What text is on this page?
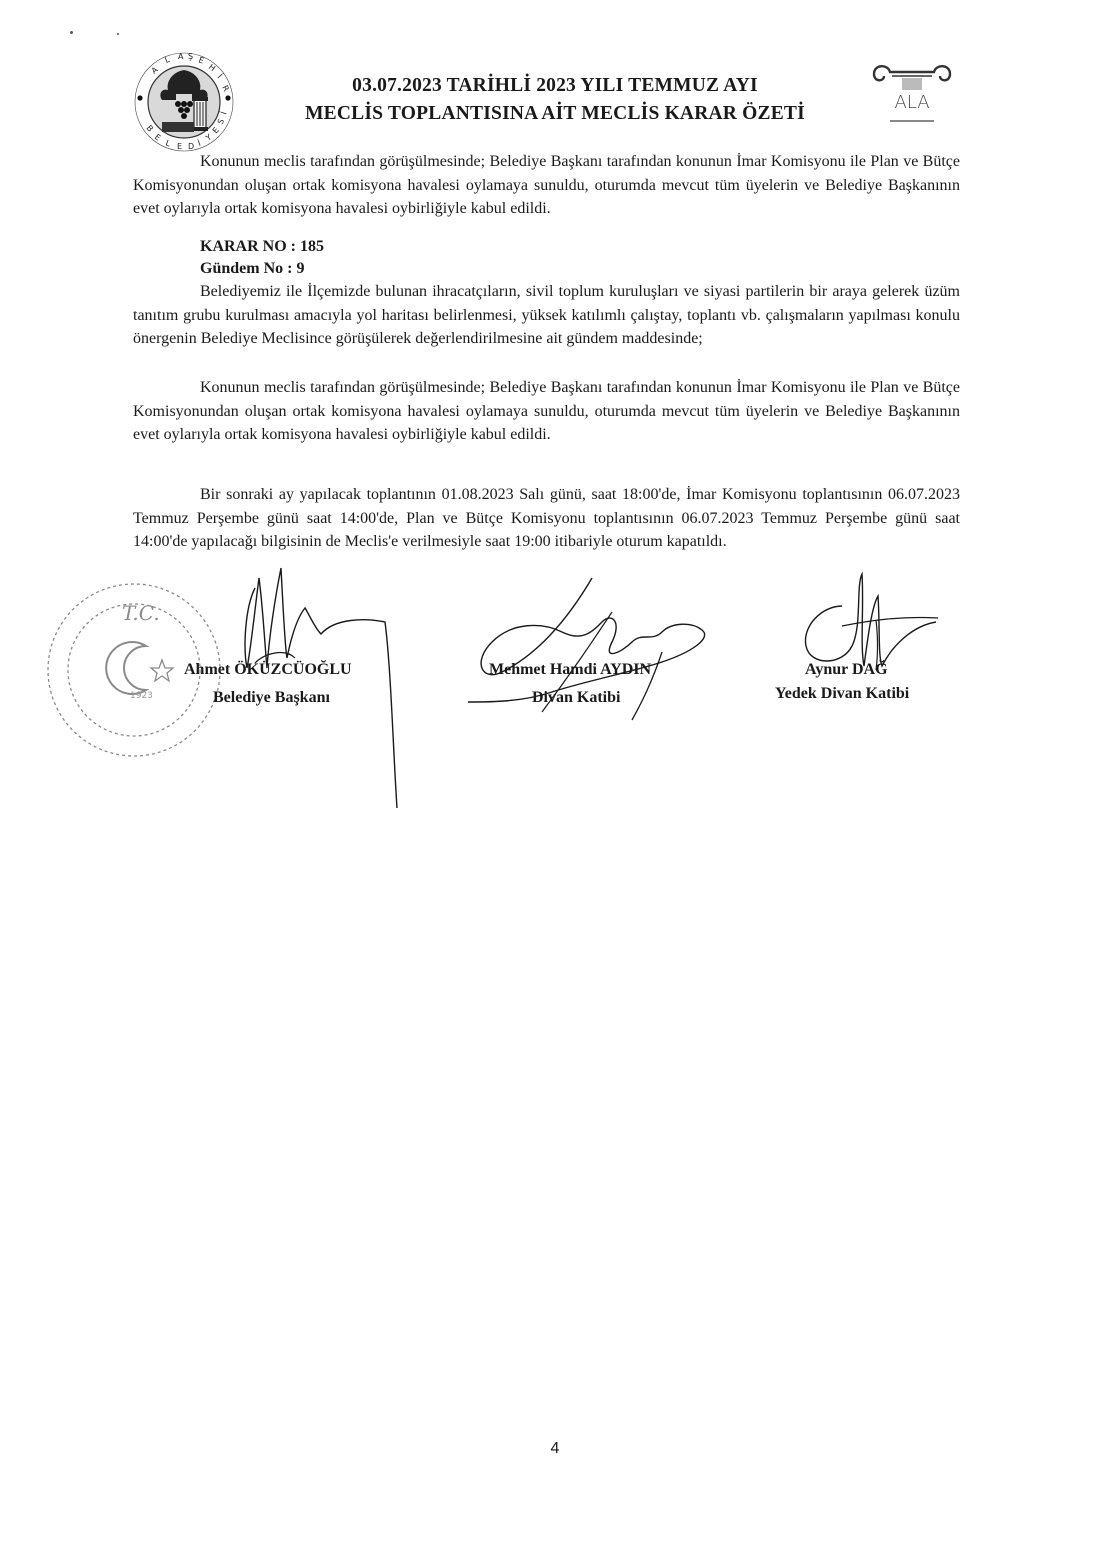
A
L A Ş E
H
İ
R
B
E
L E D İ
Y
E
S
İ
03.07.2023 TARİHLİ 2023 YILI TEMMUZ AYI
MECLİS TOPLANTISINA AİT MECLİS KARAR ÖZETİ
ALA

Konunun meclis tarafından görüşülmesinde; Belediye Başkanı tarafından konunun İmar Komisyonu ile Plan ve Bütçe Komisyonundan oluşan ortak komisyona havalesi oylamaya sunuldu, oturumda mevcut tüm üyelerin ve Belediye Başkanının evet oylarıyla ortak komisyona havalesi oybirliğiyle kabul edildi.

KARAR NO : 185
Gündem No : 9

Belediyemiz ile İlçemizde bulunan ihracatçıların, sivil toplum kuruluşları ve siyasi partilerin bir araya gelerek üzüm tanıtım grubu kurulması amacıyla yol haritası belirlenmesi, yüksek katılımlı çalıştay, toplantı vb. çalışmaların yapılması konulu önergenin Belediye Meclisince görüşülerek değerlendirilmesine ait gündem maddesinde;

Konunun meclis tarafından görüşülmesinde; Belediye Başkanı tarafından konunun İmar Komisyonu ile Plan ve Bütçe Komisyonundan oluşan ortak komisyona havalesi oylamaya sunuldu, oturumda mevcut tüm üyelerin ve Belediye Başkanının evet oylarıyla ortak komisyona havalesi oybirliğiyle kabul edildi.

Bir sonraki ay yapılacak toplantının 01.08.2023 Salı günü, saat 18:00'de, İmar Komisyonu toplantısının 06.07.2023 Temmuz Perşembe günü saat 14:00'de, Plan ve Bütçe Komisyonu toplantısının 06.07.2023 Temmuz Perşembe günü saat 14:00'de yapılacağı bilgisinin de Meclis'e verilmesiyle saat 19:00 itibariyle oturum kapatıldı.

T.C.
1923
Ahmet ÖKÜZCÜOĞLU
Belediye Başkanı
Mehmet Hamdi AYDIN
Divan Katibi
Aynur DAĞ
Yedek Divan Katibi
4
